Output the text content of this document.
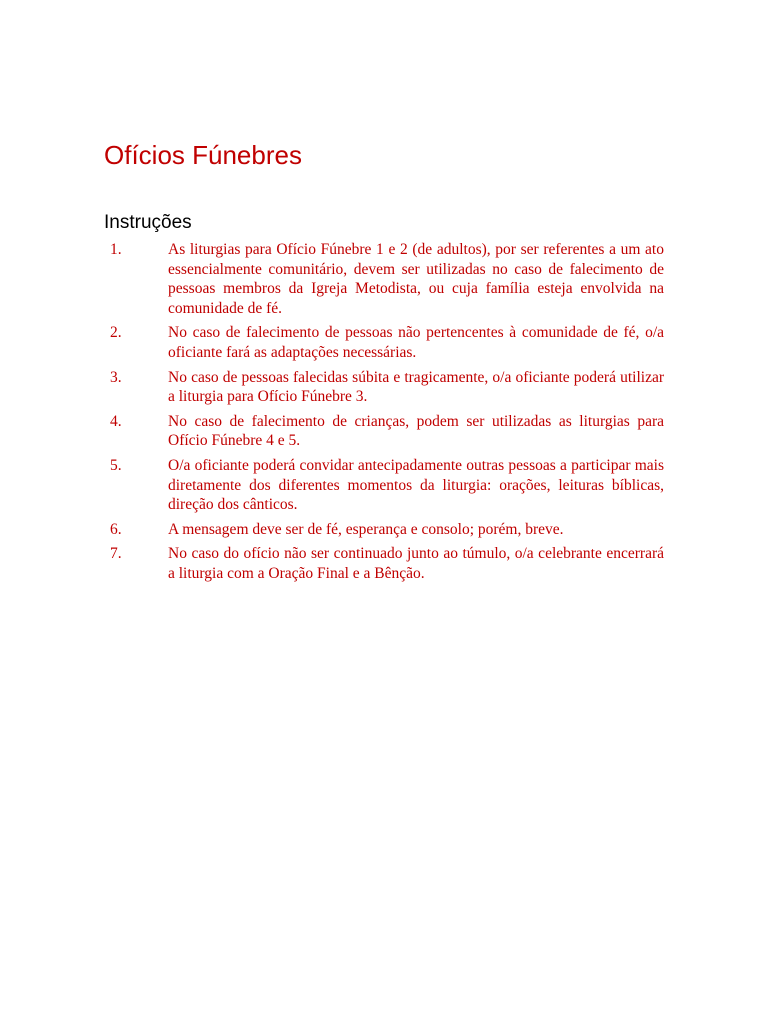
Ofícios Fúnebres
Instruções
1.	As liturgias para Ofício Fúnebre 1 e 2 (de adultos), por ser referentes a um ato essencialmente comunitário, devem ser utilizadas no caso de falecimento de pessoas membros da Igreja Metodista, ou cuja família esteja envolvida na comunidade de fé.
2.	No caso de falecimento de pessoas não pertencentes à comunidade de fé, o/a oficiante fará as adaptações necessárias.
3.	No caso de pessoas falecidas súbita e tragicamente, o/a oficiante poderá utilizar a liturgia para Ofício Fúnebre 3.
4.	No caso de falecimento de crianças, podem ser utilizadas as liturgias para Ofício Fúnebre 4 e 5.
5.	O/a oficiante poderá convidar antecipadamente outras pessoas a participar mais diretamente dos diferentes momentos da liturgia: orações, leituras bíblicas, direção dos cânticos.
6.	A mensagem deve ser de fé, esperança e consolo; porém, breve.
7.	No caso do ofício não ser continuado junto ao túmulo, o/a celebrante encerrará a liturgia com a Oração Final e a Bênção.
